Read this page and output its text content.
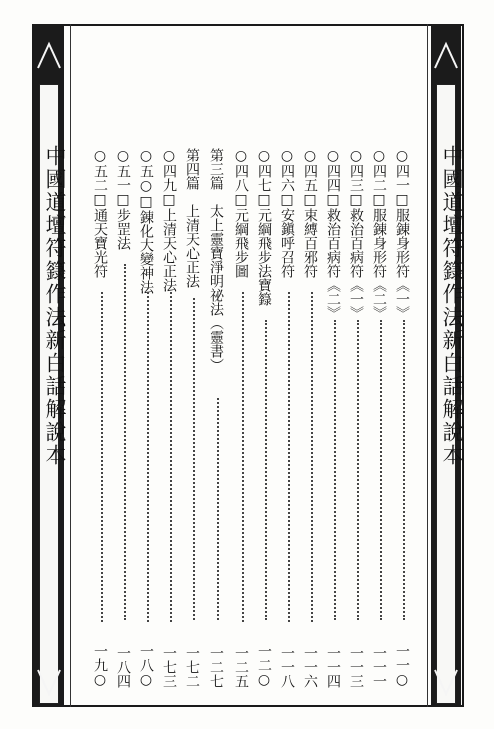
中國道壇符籙作法新白話解說本
中國道壇符籙作法新白話解說本	○四一□服錬身形符《一》
一一○
○四二□服錬身形符《二》
一一一
○四三□救治百病符《一》
一一三
○四四□救治百病符《二》
一一四
○四五□束縛百邪符
一一六
○四六□安鎭呼召符
一一八
○四七□元綱飛步法寶籙
一二○
○四八□元綱飛步圖
一二五
第三篇　太上靈寶淨明祕法（靈書）
一二七
第四篇　上清天心正法
一七二
○四九□上清天心正法
一七三
○五○□錬化大變神法
一八○
○五一□步罡法
一八四
○五二□通天寶光符
一九○
